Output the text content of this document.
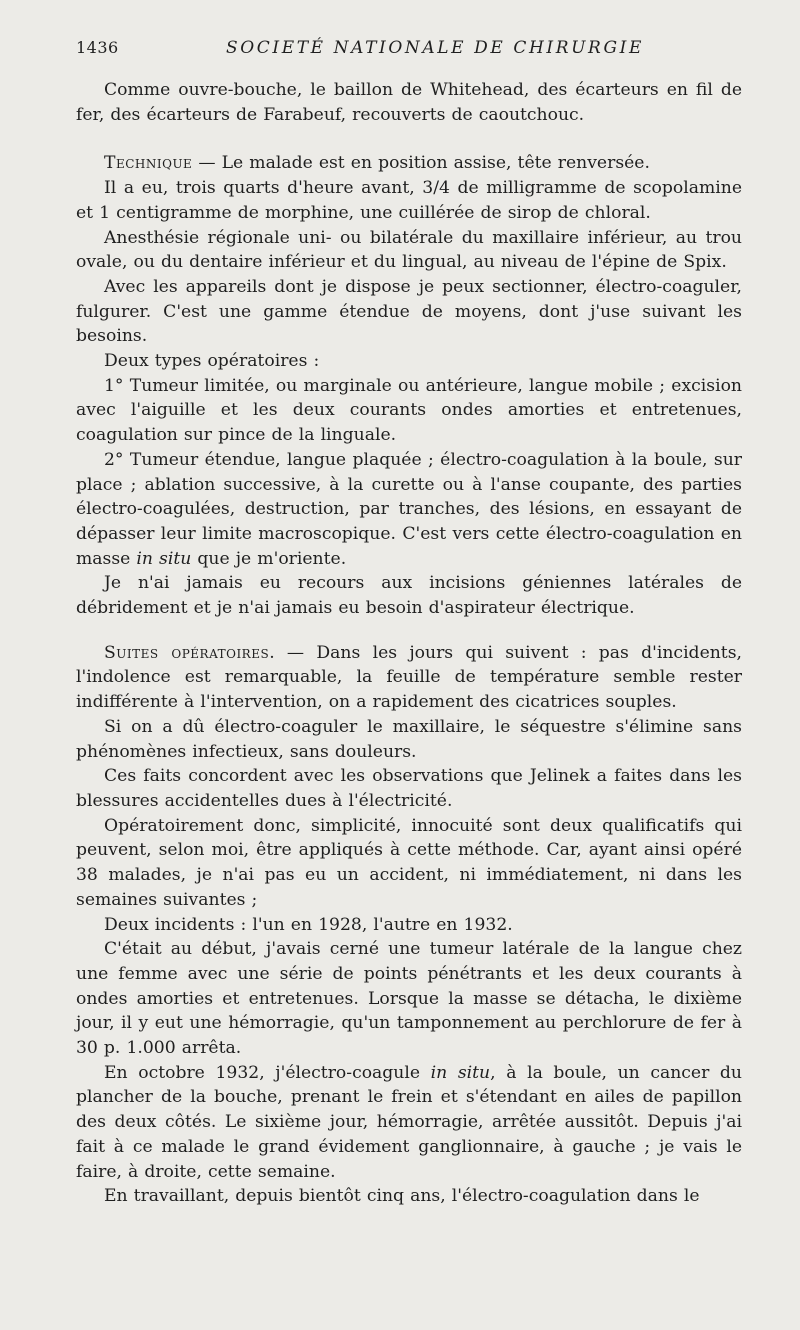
1436	SOCIETÉ NATIONALE DE CHIRURGIE

Comme ouvre-bouche, le baillon de Whitehead, des écarteurs en fil de fer, des écarteurs de Farabeuf, recouverts de caoutchouc.

Technique — Le malade est en position assise, tête renversée.

Il a eu, trois quarts d'heure avant, 3/4 de milligramme de scopolamine et 1 centigramme de morphine, une cuillérée de sirop de chloral.

Anesthésie régionale uni- ou bilatérale du maxillaire inférieur, au trou ovale, ou du dentaire inférieur et du lingual, au niveau de l'épine de Spix.

Avec les appareils dont je dispose je peux sectionner, électro-coaguler, fulgurer. C'est une gamme étendue de moyens, dont j'use suivant les besoins.

Deux types opératoires :

1° Tumeur limitée, ou marginale ou antérieure, langue mobile ; excision avec l'aiguille et les deux courants ondes amorties et entretenues, coagulation sur pince de la linguale.

2° Tumeur étendue, langue plaquée ; électro-coagulation à la boule, sur place ; ablation successive, à la curette ou à l'anse coupante, des parties électro-coagulées, destruction, par tranches, des lésions, en essayant de dépasser leur limite macroscopique. C'est vers cette électro-coagulation en masse in situ que je m'oriente.

Je n'ai jamais eu recours aux incisions géniennes latérales de débridement et je n'ai jamais eu besoin d'aspirateur électrique.

Suites opératoires. — Dans les jours qui suivent : pas d'incidents, l'indolence est remarquable, la feuille de température semble rester indifférente à l'intervention, on a rapidement des cicatrices souples.

Si on a dû électro-coaguler le maxillaire, le séquestre s'élimine sans phénomènes infectieux, sans douleurs.

Ces faits concordent avec les observations que Jelinek a faites dans les blessures accidentelles dues à l'électricité.

Opératoirement donc, simplicité, innocuité sont deux qualificatifs qui peuvent, selon moi, être appliqués à cette méthode. Car, ayant ainsi opéré 38 malades, je n'ai pas eu un accident, ni immédiatement, ni dans les semaines suivantes ;

Deux incidents : l'un en 1928, l'autre en 1932.

C'était au début, j'avais cerné une tumeur latérale de la langue chez une femme avec une série de points pénétrants et les deux courants à ondes amorties et entretenues. Lorsque la masse se détacha, le dixième jour, il y eut une hémorragie, qu'un tamponnement au perchlorure de fer à 30 p. 1.000 arrêta.

En octobre 1932, j'électro-coagule in situ, à la boule, un cancer du plancher de la bouche, prenant le frein et s'étendant en ailes de papillon des deux côtés. Le sixième jour, hémorragie, arrêtée aussitôt. Depuis j'ai fait à ce malade le grand évidement ganglionnaire, à gauche ; je vais le faire, à droite, cette semaine.

En travaillant, depuis bientôt cinq ans, l'électro-coagulation dans le
